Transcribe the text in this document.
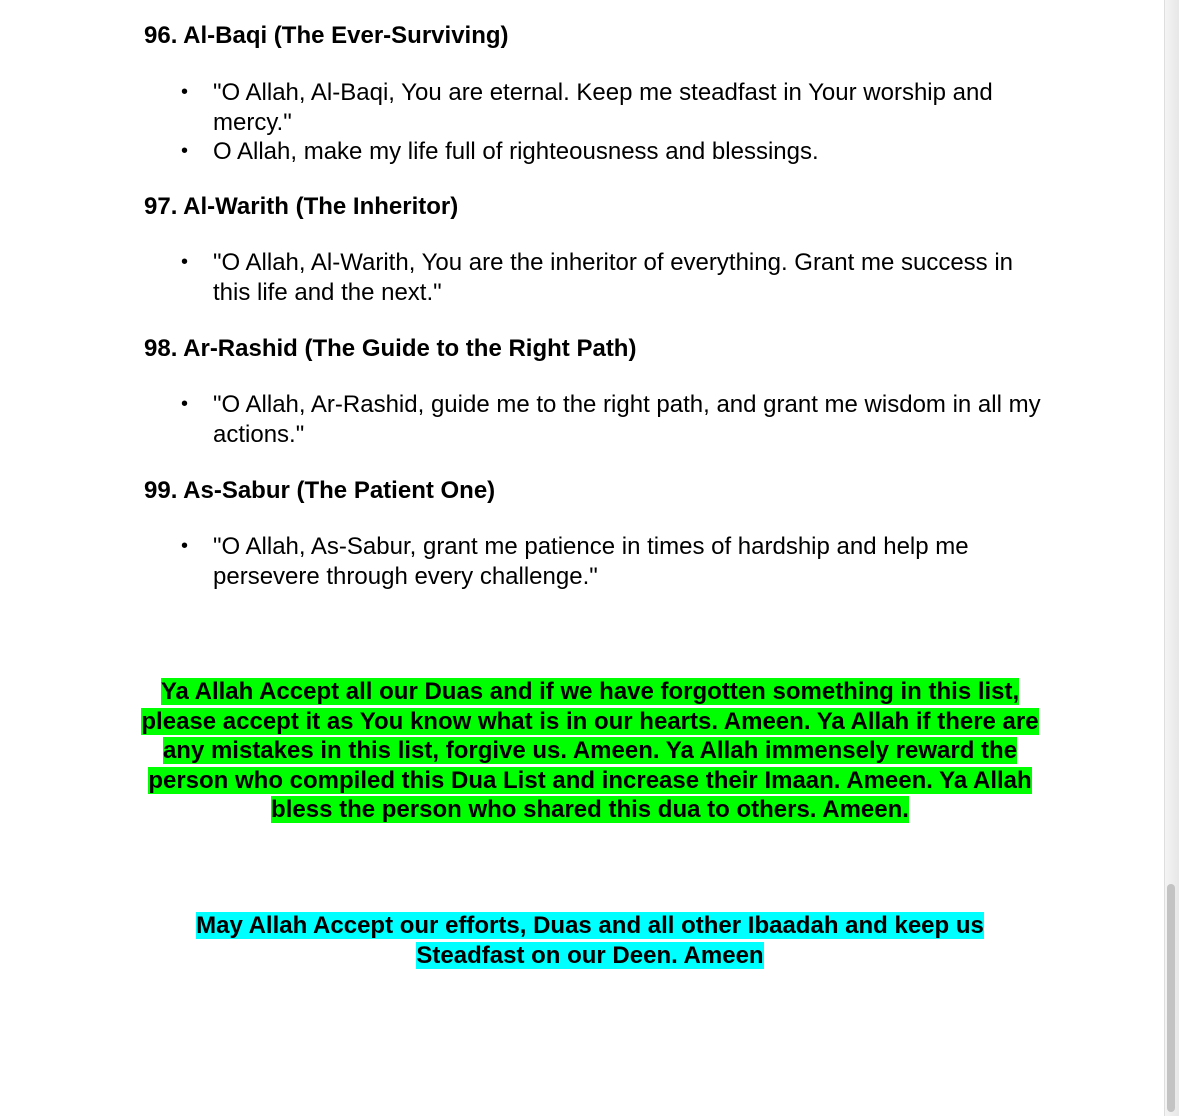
96. Al-Baqi (The Ever-Surviving)
• "O Allah, Al-Baqi, You are eternal. Keep me steadfast in Your worship and mercy."
• O Allah, make my life full of righteousness and blessings.
97. Al-Warith (The Inheritor)
• "O Allah, Al-Warith, You are the inheritor of everything. Grant me success in this life and the next."
98. Ar-Rashid (The Guide to the Right Path)
• "O Allah, Ar-Rashid, guide me to the right path, and grant me wisdom in all my actions."
99. As-Sabur (The Patient One)
• "O Allah, As-Sabur, grant me patience in times of hardship and help me persevere through every challenge."
Ya Allah Accept all our Duas and if we have forgotten something in this list, please accept it as You know what is in our hearts. Ameen. Ya Allah if there are any mistakes in this list, forgive us. Ameen. Ya Allah immensely reward the person who compiled this Dua List and increase their Imaan. Ameen. Ya Allah bless the person who shared this dua to others. Ameen.
May Allah Accept our efforts, Duas and all other Ibaadah and keep us Steadfast on our Deen. Ameen
